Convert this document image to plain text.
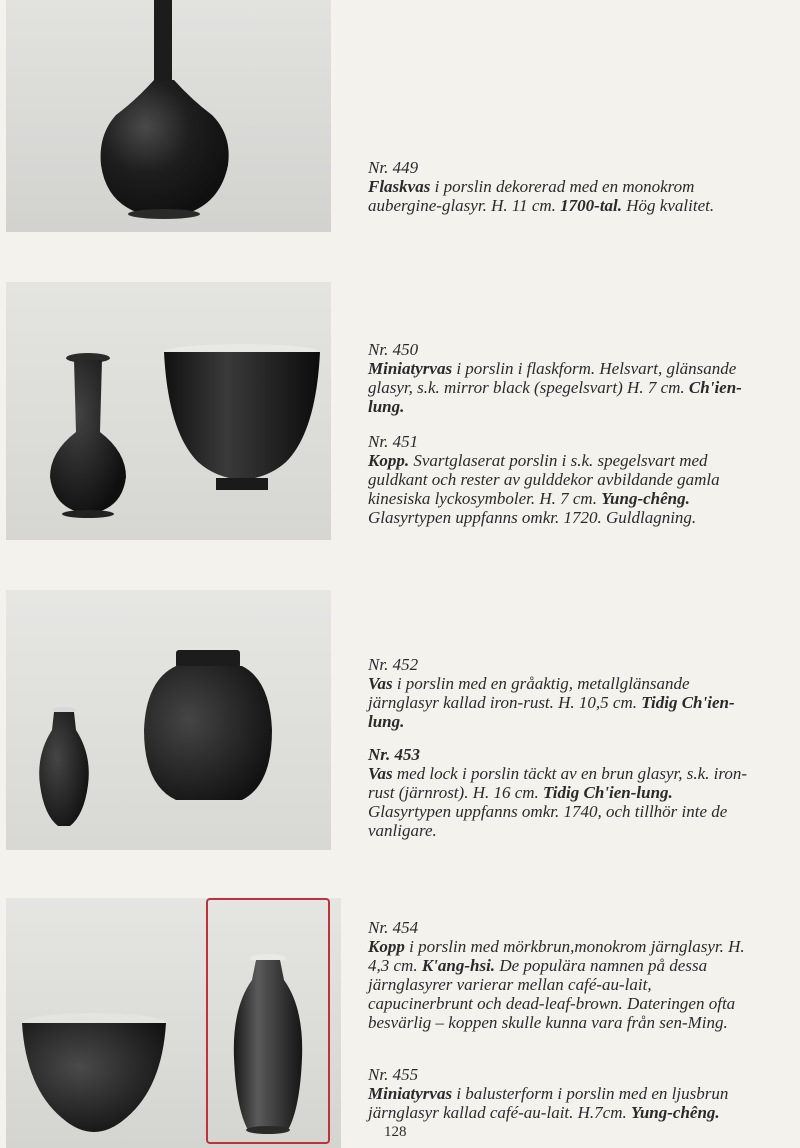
Nr. 449

Flaskvas i porslin dekorerad med en monokrom aubergine-glasyr. H. 11 cm. 1700-tal. Hög kvalitet.

Nr. 450

Miniatyrvas i porslin i flaskform. Helsvart, glänsande glasyr, s.k. mirror black (spegelsvart) H. 7 cm. Ch'ien-lung.

Nr. 451

Kopp. Svartglaserat porslin i s.k. spegelsvart med guldkant och rester av gulddekor avbildande gamla kinesiska lyckosymboler. H. 7 cm. Yung-chêng. Glasyrtypen uppfanns omkr. 1720. Guldlagning.

Nr. 452

Vas i porslin med en gråaktig, metallglänsande järnglasyr kallad iron-rust. H. 10,5 cm. Tidig Ch'ien-lung.

Nr. 453

Vas med lock i porslin täckt av en brun glasyr, s.k. iron-rust (järnrost). H. 16 cm. Tidig Ch'ien-lung. Glasyrtypen uppfanns omkr. 1740, och tillhör inte de vanligare.

Nr. 454

Kopp i porslin med mörkbrun,monokrom järnglasyr. H. 4,3 cm. K'ang-hsi. De populära namnen på dessa järnglasyrer varierar mellan café-au-lait, capucinerbrunt och dead-leaf-brown. Dateringen ofta besvärlig – koppen skulle kunna vara från sen-Ming.

Nr. 455

Miniatyrvas i balusterform i porslin med en ljusbrun järnglasyr kallad café-au-lait. H.7cm. Yung-chêng.

128
